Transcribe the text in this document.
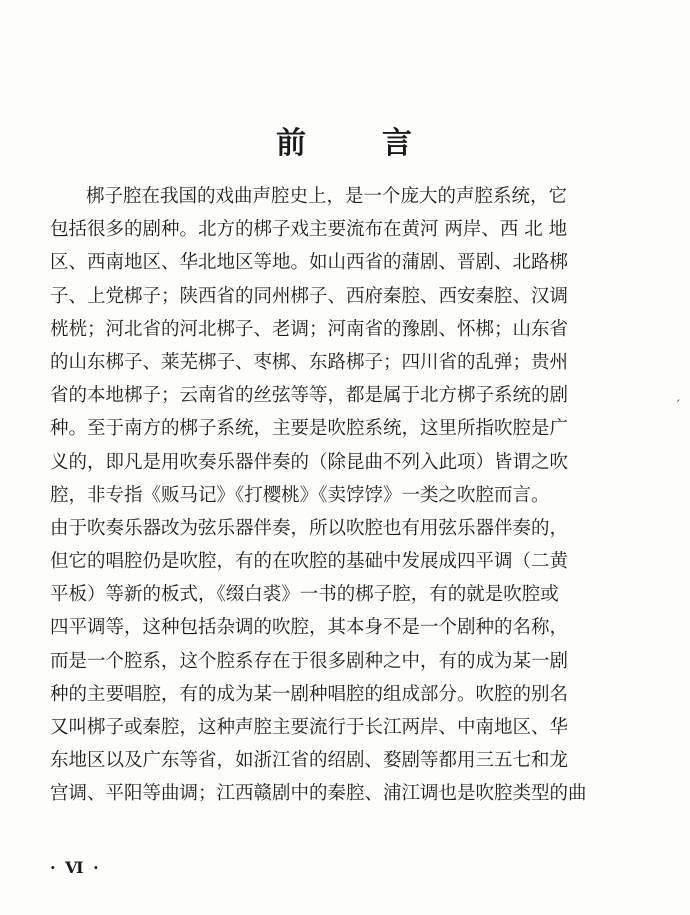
前 言

梆子腔在我国的戏曲声腔史上，是一个庞大的声腔系统，它

包括很多的剧种。北方的梆子戏主要流布在黄河 两岸、西 北 地

区、西南地区、华北地区等地。如山西省的蒲剧、晋剧、北路梆

子、上党梆子；陕西省的同州梆子、西府秦腔、西安秦腔、汉调

桄桄；河北省的河北梆子、老调；河南省的豫剧、怀梆；山东省

的山东梆子、莱芜梆子、枣梆、东路梆子；四川省的乱弹；贵州

省的本地梆子；云南省的丝弦等等，都是属于北方梆子系统的剧

种。至于南方的梆子系统，主要是吹腔系统，这里所指吹腔是广

义的，即凡是用吹奏乐器伴奏的（除昆曲不列入此项）皆谓之吹

腔，非专指《贩马记》《打樱桃》《卖饽饽》一类之吹腔而言。

由于吹奏乐器改为弦乐器伴奏，所以吹腔也有用弦乐器伴奏的，

但它的唱腔仍是吹腔，有的在吹腔的基础中发展成四平调（二黄

平板）等新的板式，《缀白裘》一书的梆子腔，有的就是吹腔或

四平调等，这种包括杂调的吹腔，其本身不是一个剧种的名称，

而是一个腔系，这个腔系存在于很多剧种之中，有的成为某一剧

种的主要唱腔，有的成为某一剧种唱腔的组成部分。吹腔的别名

又叫梆子或秦腔，这种声腔主要流行于长江两岸、中南地区、华

东地区以及广东等省，如浙江省的绍剧、婺剧等都用三五七和龙

宫调、平阳等曲调；江西赣剧中的秦腔、浦江调也是吹腔类型的曲

· Ⅵ ·

′
